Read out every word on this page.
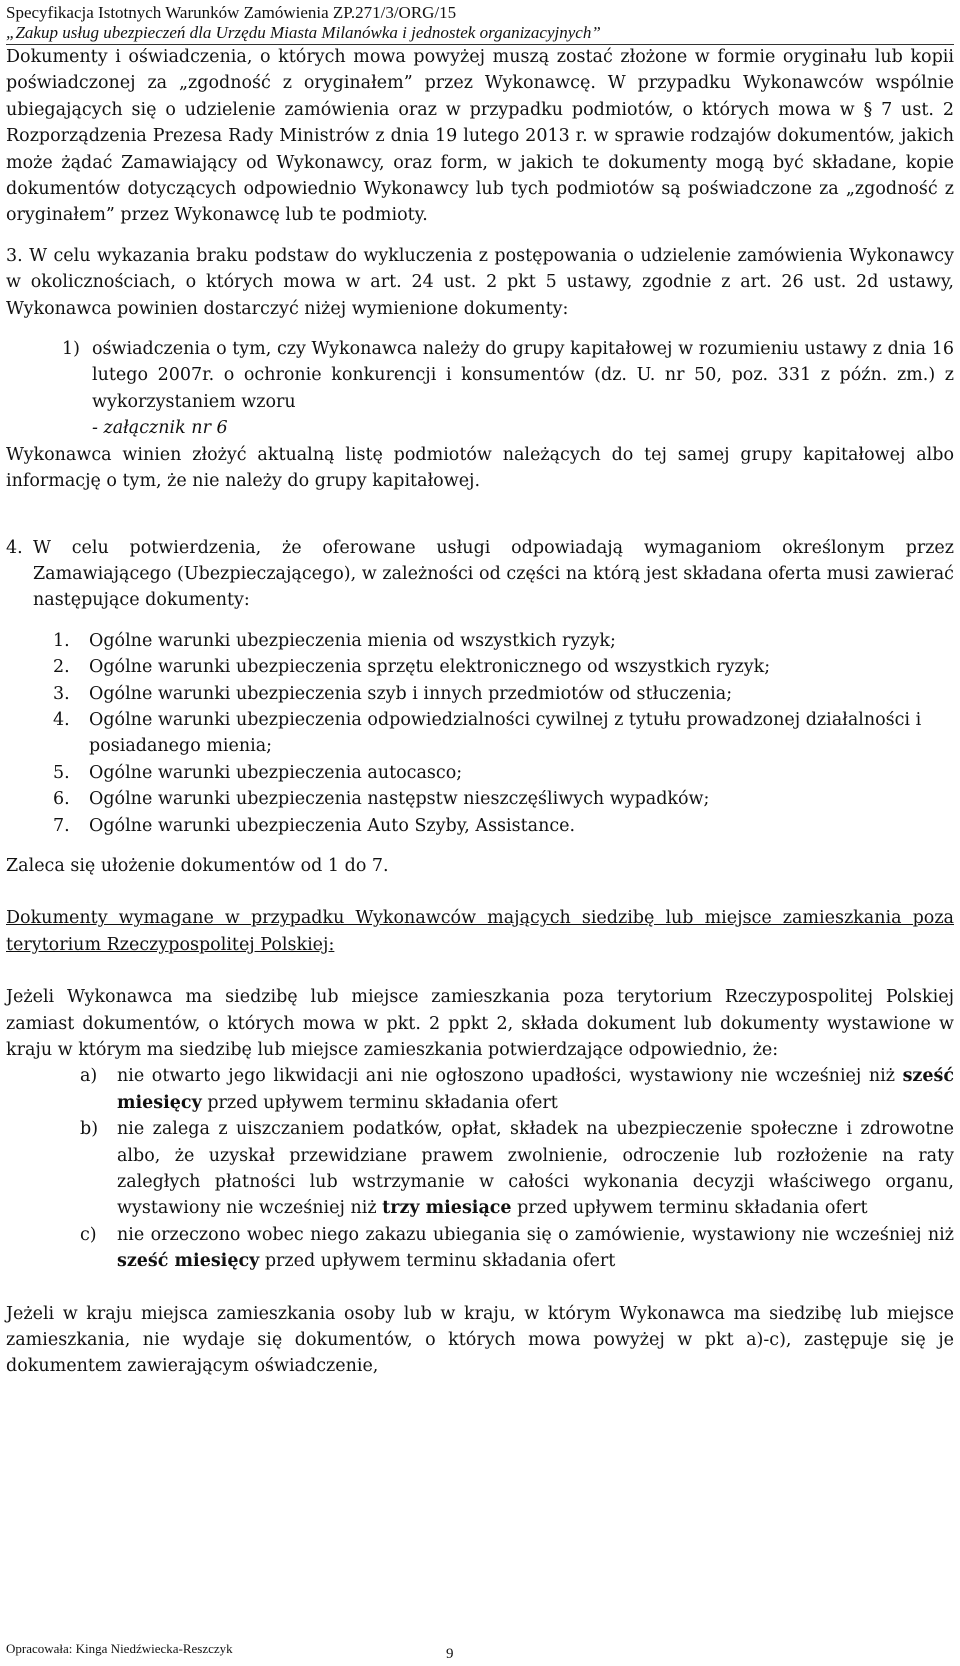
Specyfikacja Istotnych Warunków Zamówienia ZP.271/3/ORG/15
„Zakup usług ubezpieczeń dla Urzędu Miasta Milanówka i jednostek organizacyjnych”

Dokumenty i oświadczenia, o których mowa powyżej muszą zostać złożone w formie oryginału lub kopii poświadczonej za „zgodność z oryginałem” przez Wykonawcę. W przypadku Wykonawców wspólnie ubiegających się o udzielenie zamówienia oraz w przypadku podmiotów, o których mowa w § 7 ust. 2 Rozporządzenia Prezesa Rady Ministrów z dnia 19 lutego 2013 r. w sprawie rodzajów dokumentów, jakich może żądać Zamawiający od Wykonawcy, oraz form, w jakich te dokumenty mogą być składane, kopie dokumentów dotyczących odpowiednio Wykonawcy lub tych podmiotów są poświadczone za „zgodność z oryginałem” przez Wykonawcę lub te podmioty.

3. W celu wykazania braku podstaw do wykluczenia z postępowania o udzielenie zamówienia Wykonawcy w okolicznościach, o których mowa w art. 24 ust. 2 pkt 5 ustawy, zgodnie z art. 26 ust. 2d ustawy, Wykonawca powinien dostarczyć niżej wymienione dokumenty:

1) oświadczenia o tym, czy Wykonawca należy do grupy kapitałowej w rozumieniu ustawy z dnia 16 lutego 2007r. o ochronie konkurencji i konsumentów (dz. U. nr 50, poz. 331 z późn. zm.) z wykorzystaniem wzoru
- załącznik nr 6

Wykonawca winien złożyć aktualną listę podmiotów należących do tej samej grupy kapitałowej albo informację o tym, że nie należy do grupy kapitałowej.

4. W celu potwierdzenia, że oferowane usługi odpowiadają wymaganiom określonym przez Zamawiającego (Ubezpieczającego), w zależności od części na którą jest składana oferta musi zawierać następujące dokumenty:
1.	Ogólne warunki ubezpieczenia mienia od wszystkich ryzyk;
2.	Ogólne warunki ubezpieczenia sprzętu elektronicznego od wszystkich ryzyk;
3.	Ogólne warunki ubezpieczenia szyb i innych przedmiotów od stłuczenia;
4.	Ogólne warunki ubezpieczenia odpowiedzialności cywilnej z tytułu prowadzonej działalności i posiadanego mienia;
5.	Ogólne warunki ubezpieczenia autocasco;
6.	Ogólne warunki ubezpieczenia następstw nieszczęśliwych wypadków;
7.	Ogólne warunki ubezpieczenia Auto Szyby, Assistance.

Zaleca się ułożenie dokumentów od 1 do 7.

Dokumenty wymagane w przypadku Wykonawców mających siedzibę lub miejsce zamieszkania poza terytorium Rzeczypospolitej Polskiej:

Jeżeli Wykonawca ma siedzibę lub miejsce zamieszkania poza terytorium Rzeczypospolitej Polskiej zamiast dokumentów, o których mowa w pkt. 2 ppkt 2, składa dokument lub dokumenty wystawione w kraju w którym ma siedzibę lub miejsce zamieszkania potwierdzające odpowiednio, że:

a)	nie otwarto jego likwidacji ani nie ogłoszono upadłości, wystawiony nie wcześniej niż sześć miesięcy przed upływem terminu składania ofert
b)	nie zalega z uiszczaniem podatków, opłat, składek na ubezpieczenie społeczne i zdrowotne albo, że uzyskał przewidziane prawem zwolnienie, odroczenie lub rozłożenie na raty zaległych płatności lub wstrzymanie w całości wykonania decyzji właściwego organu, wystawiony nie wcześniej niż trzy miesiące przed upływem terminu składania ofert
c)	nie orzeczono wobec niego zakazu ubiegania się o zamówienie, wystawiony nie wcześniej niż sześć miesięcy przed upływem terminu składania ofert

Jeżeli w kraju miejsca zamieszkania osoby lub w kraju, w którym Wykonawca ma siedzibę lub miejsce zamieszkania, nie wydaje się dokumentów, o których mowa powyżej w pkt a)-c), zastępuje się je dokumentem zawierającym oświadczenie,

Opracowała: Kinga Niedźwiecka-Reszczyk	9
